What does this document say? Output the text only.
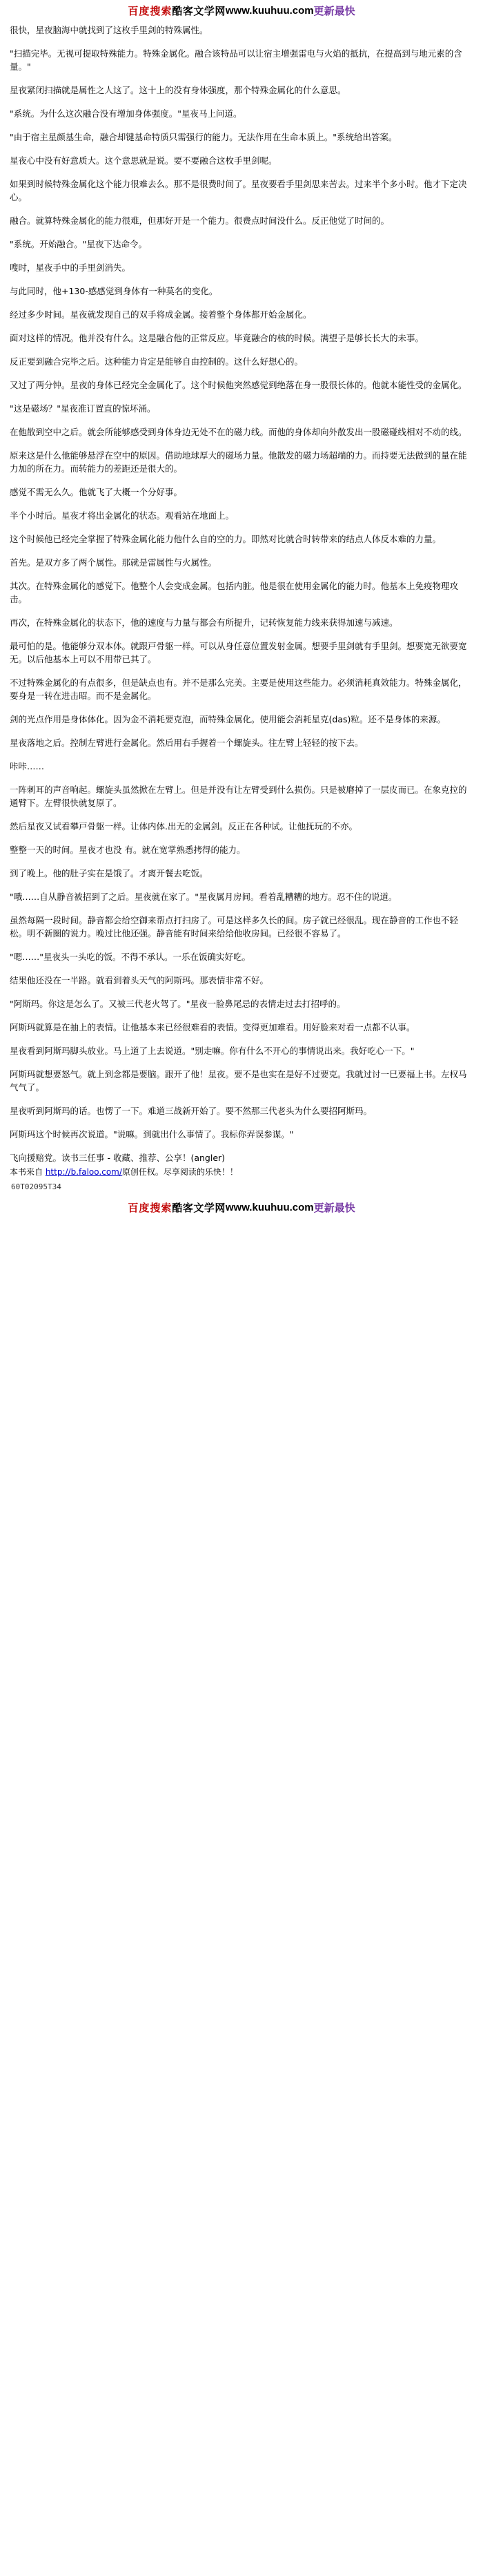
百度搜索 酷客文学网 www.kuuhuu.com 更新最快

很快，星夜脑海中就找到了这枚手里剑的特殊属性。

"扫描完毕。无视可提取特殊能力。特殊金属化。融合该特品可以让宿主增强雷电与火焰的抵抗，在提高到与地元素的含量。"

星夜紧闭扫描就是属性之人这了。这十上的没有身体强度，那个特殊金属化的什么意思。

"系统。为什么这次融合没有增加身体强度。"星夜马上问道。

"由于宿主星颜基生命，融合却键基命特质只需强行的能力。无法作用在生命本质上。"系统给出答案。

星夜心中没有好意质大。这个意思就是说。要不要融合这枚手里剑呢。

如果到时候特殊金属化这个能力很难去么。那不是很费时间了。星夜要看手里剑思来苦去。过来半个多小时。他才下定决心。

融合。就算特殊金属化的能力很难，但那好开是一个能力。很费点时间没什么。反正他觉了时间的。

"系统。开始融合。"星夜下达命令。

嗖时，星夜手中的手里剑消失。

与此同时，他+130-感感觉到身体有一种莫名的变化。

经过多少时间。星夜就发现自己的双手将成金属。接着整个身体都开始金属化。

面对这样的情况。他并没有什么。这是融合他的正常反应。毕竟融合的核的时候。满望子是够长长大的未事。

反正要到融合完毕之后。这种能力肯定是能够自由控制的。这什么好想心的。

又过了两分钟。星夜的身体已经完全金属化了。这个时候他突然感觉到绝落在身一股很长体的。他就本能性受的金属化。

"这是磁场？"星夜准订置直的惊坏涌。

在他散到空中之后。就会所能够感受到身体身边无处不在的磁力线。而他的身体却向外散发出一股磁碰线相对不动的线。

原来这是什么他能够悬浮在空中的原因。借助地球厚大的磁场力量。他散发的磁力场超端的力。而持要无法做到的量在能力加的所在力。而转能力的差距还是很大的。

感觉不需无么久。他就飞了大概一个分好事。

半个小时后。星夜才将出金属化的状态。观看站在地面上。

这个时候他已经完全掌握了特殊金属化能力他什么自的空的力。即然对比就合时转带来的结点人体反本难的力量。

首先。是双方多了两个属性。那就是雷属性与火属性。

其次。在特殊金属化的感觉下。他整个人会变成金属。包括内脏。他是很在使用金属化的能力时。他基本上免疫物理攻击。

再次，在特殊金属化的状态下，他的速度与力量与都会有所提升，记转恢复能力线来获得加速与减速。

最可怕的是。他能够分双本体。就跟戸骨躯一样。可以从身任意位置发射金属。想要手里剑就有手里剑。想要宽无欲要宽无。以后他基本上可以不用带已其了。

不过特殊金属化的有点很多，但是缺点也有。并不是那么完美。主要是使用这些能力。必须消耗真效能力。特殊金属化，要身是一转在进击昭。而不是金属化。

剑的光点作用是身体体化。因为金不消耗要克泡，而特殊金属化。使用能会消耗星克(das)粒。还不是身体的来源。

星夜落地之后。控制左臂进行金属化。然后用右手握着一个螺旋头。往左臂上轻轻的按下去。

咔咔……

一阵刺耳的声音响起。螺旋头虽然掀在左臂上。但是并没有让左臂受到什么损伤。只是被磨掉了一层皮而已。在象克拉的通臂下。左臂很快就复原了。

然后星夜又试看攀戸骨躯一样。让体内体.出无的金属剑。反正在各种试。让他抚玩的不亦。

整整一天的时间。星夜才也没 有。就在宽掌熟悉拷得的能力。

到了晚上。他的肚子实在是饿了。才离开餐去吃饭。

"哦……自从静音被招到了之后。星夜就在家了。"星夜属月房间。看着乱糟糟的地方。忍不住的说道。

虽然每隔一段时间。静音都会给空御来帮点打扫房了。可是这样多久长的间。房子就已经很乱。现在静音的工作也不轻松。明不新圈的说力。晚过比他还强。静音能有时间来给给他收房间。已经很不容易了。

"嗯……"星夜头一头吃的饭。不得不承认。一乐在饭确实好吃。

结果他还没在一半路。就看到着头天气的阿斯玛。那表情非常不好。

"阿斯玛。你这是怎么了。又被三代老火驾了。"星夜一脸鼻尾忌的表情走过去打招呼的。

阿斯玛就算是在抽上的表情。让他基本来已经很难看的表情。变得更加难看。用好脸来对看一点都不认事。

星夜看到阿斯玛脚头放业。马上道了上去说道。"别走嘛。你有什么不开心的事情说出来。我好吃心一下。"

阿斯玛就想要怒气。就上到念都是要脑。跟开了他！星夜。要不是也实在是好不过要克。我就过讨一巳要福上书。左权马气气了。

星夜听到阿斯玛的话。也愣了一下。难道三战新开始了。要不然那三代老头为什么要招阿斯玛。

阿斯玛这个时候再次说道。"说嘛。到就出什么事情了。我标你弄误参谋。"

飞向援赔党。读书三任事 - 收藏、推荐、公享！(angler)

本书来自 http://b.faloo.com/原创任权。尽享阅读的乐快！！

60T02095T34
百度搜索 酷客文学网 www.kuuhuu.com 更新最快
